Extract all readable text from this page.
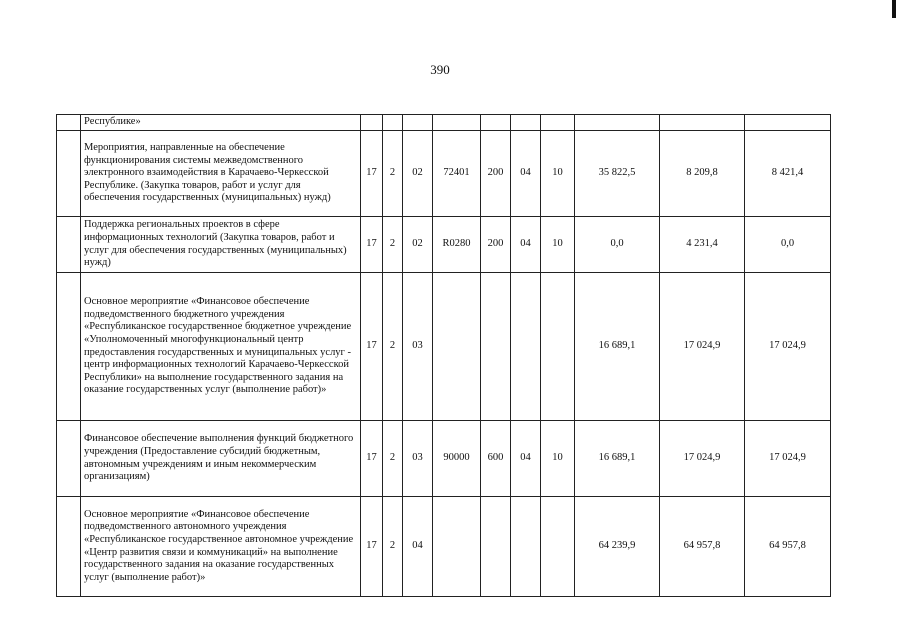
390
	Республике»										
	Мероприятия, направленные на обеспечение функционирования системы межведомственного электронного взаимодействия в Карачаево-Черкесской Республике. (Закупка товаров, работ и услуг для обеспечения государственных (муниципальных) нужд)	17	2	02	72401	200	04	10	35 822,5	8 209,8	8 421,4
	Поддержка региональных проектов в сфере информационных технологий (Закупка товаров, работ и услуг для обеспечения государственных (муниципальных) нужд)	17	2	02	R0280	200	04	10	0,0	4 231,4	0,0
	Основное мероприятие «Финансовое обеспечение подведомственного бюджетного учреждения «Республиканское государственное бюджетное учреждение «Уполномоченный многофункциональный центр предоставления государственных и муниципальных услуг - центр информационных технологий Карачаево-Черкесской Республики» на выполнение государственного задания на оказание государственных услуг (выполнение работ)»	17	2	03					16 689,1	17 024,9	17 024,9
	Финансовое обеспечение выполнения функций бюджетного учреждения (Предоставление субсидий бюджетным, автономным учреждениям и иным некоммерческим организациям)	17	2	03	90000	600	04	10	16 689,1	17 024,9	17 024,9
	Основное мероприятие «Финансовое обеспечение подведомственного автономного учреждения «Республиканское государственное автономное учреждение «Центр развития связи и коммуникаций» на выполнение государственного задания на оказание государственных услуг (выполнение работ)»	17	2	04					64 239,9	64 957,8	64 957,8
